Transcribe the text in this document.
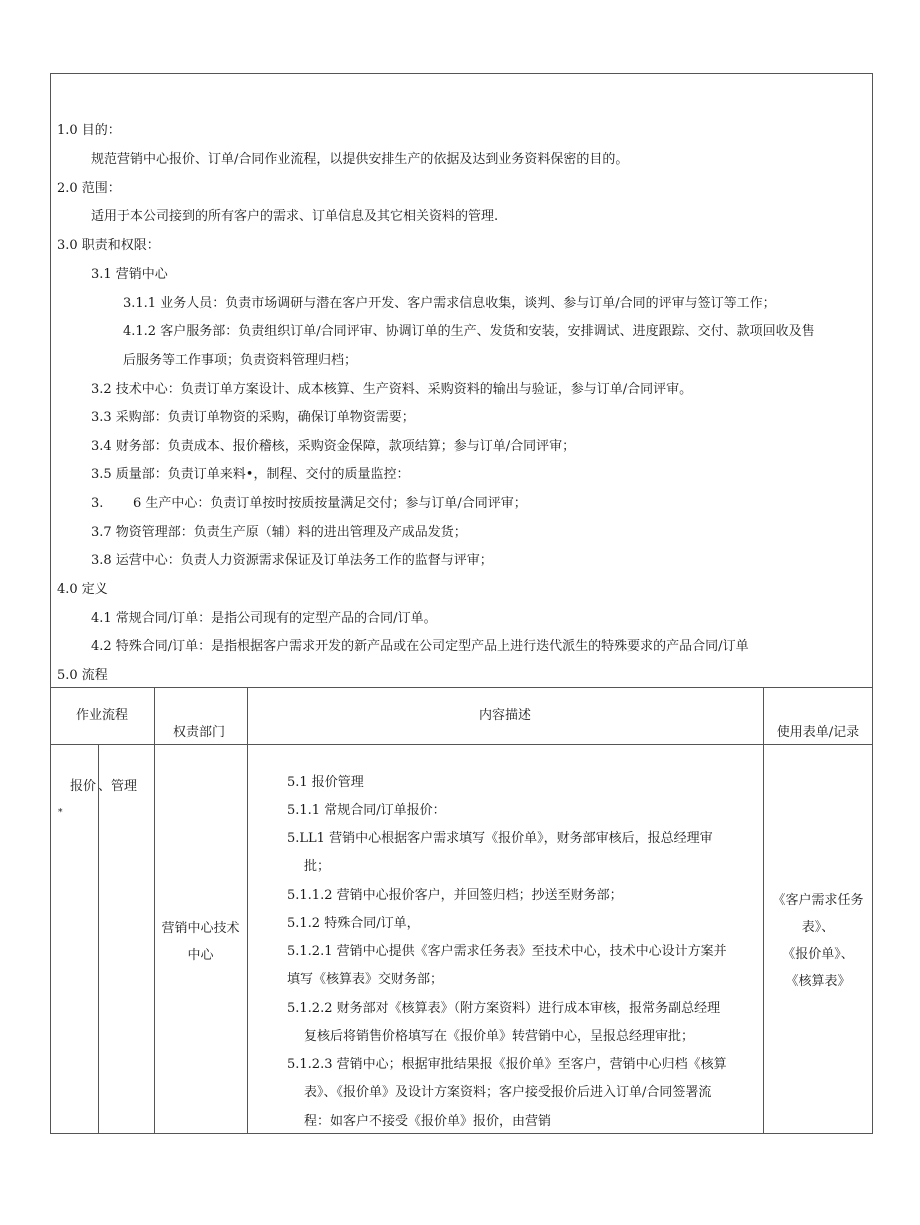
1.0 目的：
规范营销中心报价、订单/合同作业流程，以提供安排生产的依据及达到业务资料保密的目的。
2.0 范围：
适用于本公司接到的所有客户的需求、订单信息及其它相关资料的管理.
3.0 职责和权限：
3.1 营销中心
3.1.1 业务人员：负责市场调研与潜在客户开发、客户需求信息收集，谈判、参与订单/合同的评审与签订等工作；
4.1.2 客户服务部：负责组织订单/合同评审、协调订单的生产、发货和安装，安排调试、进度跟踪、交付、款项回收及售
后服务等工作事项；负责资料管理归档；
3.2 技术中心：负责订单方案设计、成本核算、生产资料、采购资料的输出与验证，参与订单/合同评审。
3.3 采购部：负责订单物资的采购，确保订单物资需要；
3.4 财务部：负责成本、报价稽核，采购资金保障，款项结算；参与订单/合同评审；
3.5 质量部：负责订单来料•，制程、交付的质量监控：
3. 6 生产中心：负责订单按时按质按量满足交付；参与订单/合同评审；
3.7 物资管理部：负责生产原（辅）料的进出管理及产成品发货；
3.8 运营中心：负责人力资源需求保证及订单法务工作的监督与评审；
4.0 定义
4.1 常规合同/订单：是指公司现有的定型产品的合同/订单。
4.2 特殊合同/订单：是指根据客户需求开发的新产品或在公司定型产品上进行迭代派生的特殊要求的产品合同/订单
5.0 流程
作业流程
权责部门
内容描述
使用表单/记录
报价 、管理
*
营销中心技术
中心
5.1 报价管理
5.1.1 常规合同/订单报价：
5.LL1 营销中心根据客户需求填写《报价单》，财务部审核后，报总经理审
批；
5.1.1.2 营销中心报价客户，并回签归档；抄送至财务部；
5.1.2 特殊合同/订单，
5.1.2.1 营销中心提供《客户需求任务表》至技术中心，技术中心设计方案并
填写《核算表》交财务部；
5.1.2.2 财务部对《核算表》（附方案资料）进行成本审核，报常务副总经理
复核后将销售价格填写在《报价单》转营销中心，呈报总经理审批；
5.1.2.3 营销中心；根据审批结果报《报价单》至客户，营销中心归档《核算
表》、《报价单》及设计方案资料；客户接受报价后进入订单/合同签署流
程：如客户不接受《报价单》报价，由营销
《客户需求任务
表》、
《报价单》、
《核算表》
